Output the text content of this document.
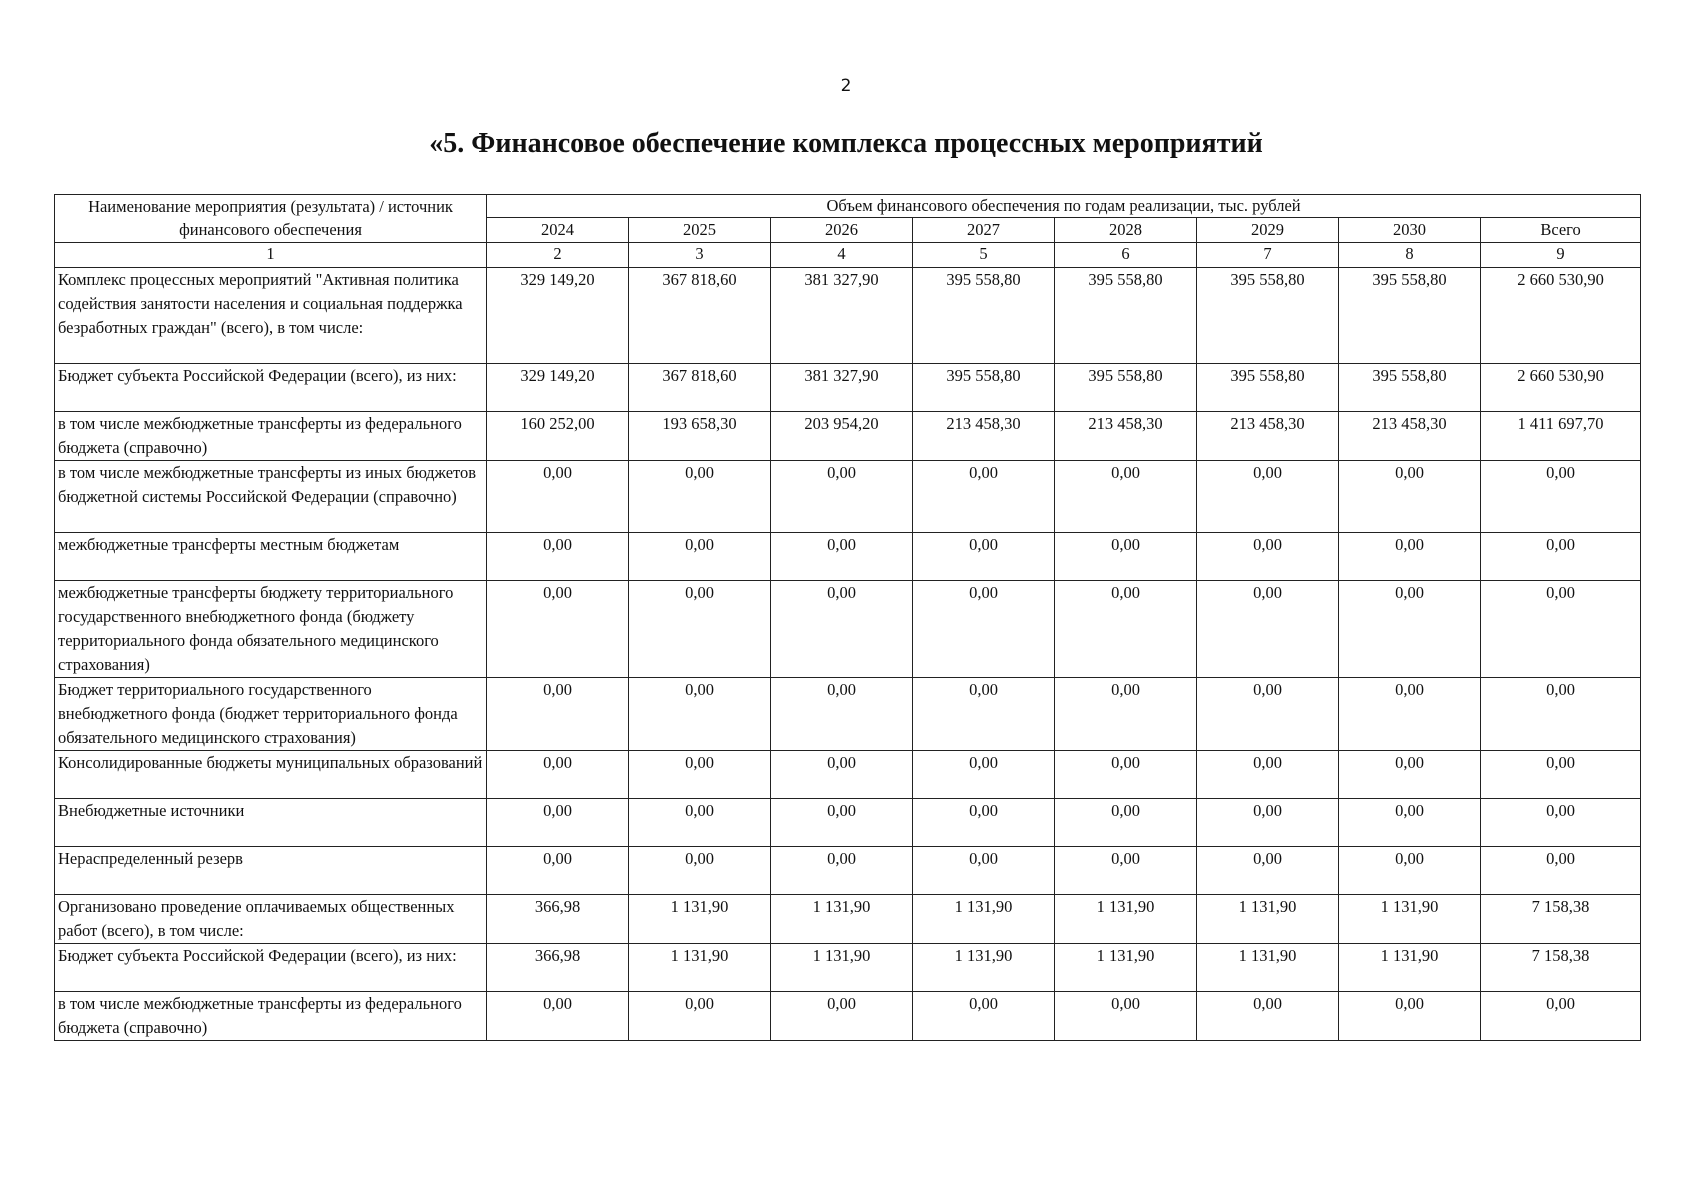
2
«5. Финансовое обеспечение комплекса процессных мероприятий
Наименование мероприятия (результата) / источник финансового обеспечения	Объем финансового обеспечения по годам реализации, тыс. рублей							
	2024	2025	2026	2027	2028	2029	2030	Всего
1	2	3	4	5	6	7	8	9
Комплекс процессных мероприятий "Активная политика содействия занятости населения и социальная поддержка безработных граждан" (всего), в том числе:	329 149,20	367 818,60	381 327,90	395 558,80	395 558,80	395 558,80	395 558,80	2 660 530,90
Бюджет субъекта Российской Федерации (всего), из них:	329 149,20	367 818,60	381 327,90	395 558,80	395 558,80	395 558,80	395 558,80	2 660 530,90
в том числе межбюджетные трансферты из федерального бюджета (справочно)	160 252,00	193 658,30	203 954,20	213 458,30	213 458,30	213 458,30	213 458,30	1 411 697,70
в том числе межбюджетные трансферты из иных бюджетов бюджетной системы Российской Федерации (справочно)	0,00	0,00	0,00	0,00	0,00	0,00	0,00	0,00
межбюджетные трансферты местным бюджетам	0,00	0,00	0,00	0,00	0,00	0,00	0,00	0,00
межбюджетные трансферты бюджету территориального государственного внебюджетного фонда (бюджету территориального фонда обязательного медицинского страхования)	0,00	0,00	0,00	0,00	0,00	0,00	0,00	0,00
Бюджет территориального государственного внебюджетного фонда (бюджет территориального фонда обязательного медицинского страхования)	0,00	0,00	0,00	0,00	0,00	0,00	0,00	0,00
Консолидированные бюджеты муниципальных образований	0,00	0,00	0,00	0,00	0,00	0,00	0,00	0,00
Внебюджетные источники	0,00	0,00	0,00	0,00	0,00	0,00	0,00	0,00
Нераспределенный резерв	0,00	0,00	0,00	0,00	0,00	0,00	0,00	0,00
Организовано проведение оплачиваемых общественных работ (всего), в том числе:	366,98	1 131,90	1 131,90	1 131,90	1 131,90	1 131,90	1 131,90	7 158,38
Бюджет субъекта Российской Федерации (всего), из них:	366,98	1 131,90	1 131,90	1 131,90	1 131,90	1 131,90	1 131,90	7 158,38
в том числе межбюджетные трансферты из федерального бюджета (справочно)	0,00	0,00	0,00	0,00	0,00	0,00	0,00	0,00
